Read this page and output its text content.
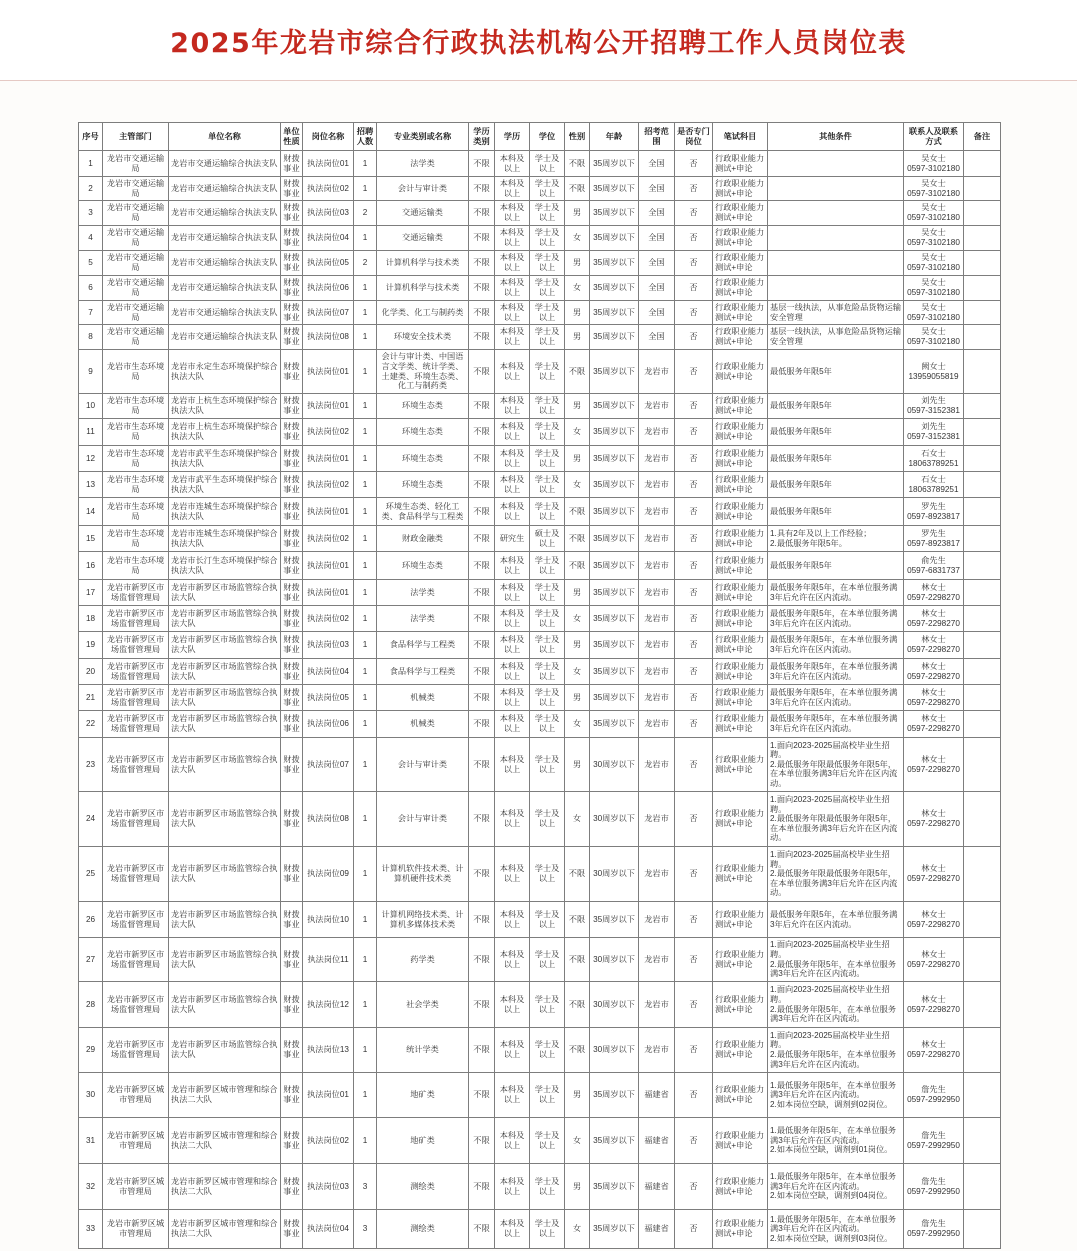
2025年龙岩市综合行政执法机构公开招聘工作人员岗位表
序号	主管部门	单位名称	单位性质	岗位名称	招聘人数	专业类别或名称	学历类别	学历	学位	性别	年龄	招考范围	是否专门岗位	笔试科目	其他条件	联系人及联系方式	备注

1	龙岩市交通运输局	龙岩市交通运输综合执法支队	财拨事业	执法岗位01	1	法学类	不限	本科及以上	学士及以上	不限	35周岁以下	全国	否	行政职业能力测试+申论		吴女士
0597-3102180	

2	龙岩市交通运输局	龙岩市交通运输综合执法支队	财拨事业	执法岗位02	1	会计与审计类	不限	本科及以上	学士及以上	不限	35周岁以下	全国	否	行政职业能力测试+申论		吴女士
0597-3102180	

3	龙岩市交通运输局	龙岩市交通运输综合执法支队	财拨事业	执法岗位03	2	交通运输类	不限	本科及以上	学士及以上	男	35周岁以下	全国	否	行政职业能力测试+申论		吴女士
0597-3102180	

4	龙岩市交通运输局	龙岩市交通运输综合执法支队	财拨事业	执法岗位04	1	交通运输类	不限	本科及以上	学士及以上	女	35周岁以下	全国	否	行政职业能力测试+申论		吴女士
0597-3102180	

5	龙岩市交通运输局	龙岩市交通运输综合执法支队	财拨事业	执法岗位05	2	计算机科学与技术类	不限	本科及以上	学士及以上	男	35周岁以下	全国	否	行政职业能力测试+申论		吴女士
0597-3102180	

6	龙岩市交通运输局	龙岩市交通运输综合执法支队	财拨事业	执法岗位06	1	计算机科学与技术类	不限	本科及以上	学士及以上	女	35周岁以下	全国	否	行政职业能力测试+申论		吴女士
0597-3102180	

7	龙岩市交通运输局	龙岩市交通运输综合执法支队	财拨事业	执法岗位07	1	化学类、化工与制药类	不限	本科及以上	学士及以上	男	35周岁以下	全国	否	行政职业能力测试+申论	基层一线执法，从事危险品货物运输安全管理	吴女士
0597-3102180	

8	龙岩市交通运输局	龙岩市交通运输综合执法支队	财拨事业	执法岗位08	1	环境安全技术类	不限	本科及以上	学士及以上	男	35周岁以下	全国	否	行政职业能力测试+申论	基层一线执法，从事危险品货物运输安全管理	吴女士
0597-3102180	

9	龙岩市生态环境局	龙岩市永定生态环境保护综合执法大队	财拨事业	执法岗位01	1	会计与审计类、中国语言文学类、统计学类、土建类、环境生态类、化工与制药类	不限	本科及以上	学士及以上	不限	35周岁以下	龙岩市	否	行政职业能力测试+申论	最低服务年限5年	阙女士
13959055819	

10	龙岩市生态环境局	龙岩市上杭生态环境保护综合执法大队	财拨事业	执法岗位01	1	环境生态类	不限	本科及以上	学士及以上	男	35周岁以下	龙岩市	否	行政职业能力测试+申论	最低服务年限5年	刘先生
0597-3152381	

11	龙岩市生态环境局	龙岩市上杭生态环境保护综合执法大队	财拨事业	执法岗位02	1	环境生态类	不限	本科及以上	学士及以上	女	35周岁以下	龙岩市	否	行政职业能力测试+申论	最低服务年限5年	刘先生
0597-3152381	

12	龙岩市生态环境局	龙岩市武平生态环境保护综合执法大队	财拨事业	执法岗位01	1	环境生态类	不限	本科及以上	学士及以上	男	35周岁以下	龙岩市	否	行政职业能力测试+申论	最低服务年限5年	石女士
18063789251	

13	龙岩市生态环境局	龙岩市武平生态环境保护综合执法大队	财拨事业	执法岗位02	1	环境生态类	不限	本科及以上	学士及以上	女	35周岁以下	龙岩市	否	行政职业能力测试+申论	最低服务年限5年	石女士
18063789251	

14	龙岩市生态环境局	龙岩市连城生态环境保护综合执法大队	财拨事业	执法岗位01	1	环境生态类、轻化工类、食品科学与工程类	不限	本科及以上	学士及以上	不限	35周岁以下	龙岩市	否	行政职业能力测试+申论	最低服务年限5年	罗先生
0597-8923817	

15	龙岩市生态环境局	龙岩市连城生态环境保护综合执法大队	财拨事业	执法岗位02	1	财政金融类	不限	研究生	硕士及以上	不限	35周岁以下	龙岩市	否	行政职业能力测试+申论	1.具有2年及以上工作经验；
2.最低服务年限5年。	罗先生
0597-8923817	

16	龙岩市生态环境局	龙岩市长汀生态环境保护综合执法大队	财拨事业	执法岗位01	1	环境生态类	不限	本科及以上	学士及以上	不限	35周岁以下	龙岩市	否	行政职业能力测试+申论	最低服务年限5年	俞先生
0597-6831737	

17	龙岩市新罗区市场监督管理局	龙岩市新罗区市场监管综合执法大队	财拨事业	执法岗位01	1	法学类	不限	本科及以上	学士及以上	男	35周岁以下	龙岩市	否	行政职业能力测试+申论	最低服务年限5年，在本单位服务满3年后允许在区内流动。	林女士
0597-2298270	

18	龙岩市新罗区市场监督管理局	龙岩市新罗区市场监管综合执法大队	财拨事业	执法岗位02	1	法学类	不限	本科及以上	学士及以上	女	35周岁以下	龙岩市	否	行政职业能力测试+申论	最低服务年限5年，在本单位服务满3年后允许在区内流动。	林女士
0597-2298270	

19	龙岩市新罗区市场监督管理局	龙岩市新罗区市场监管综合执法大队	财拨事业	执法岗位03	1	食品科学与工程类	不限	本科及以上	学士及以上	男	35周岁以下	龙岩市	否	行政职业能力测试+申论	最低服务年限5年，在本单位服务满3年后允许在区内流动。	林女士
0597-2298270	

20	龙岩市新罗区市场监督管理局	龙岩市新罗区市场监管综合执法大队	财拨事业	执法岗位04	1	食品科学与工程类	不限	本科及以上	学士及以上	女	35周岁以下	龙岩市	否	行政职业能力测试+申论	最低服务年限5年，在本单位服务满3年后允许在区内流动。	林女士
0597-2298270	

21	龙岩市新罗区市场监督管理局	龙岩市新罗区市场监管综合执法大队	财拨事业	执法岗位05	1	机械类	不限	本科及以上	学士及以上	男	35周岁以下	龙岩市	否	行政职业能力测试+申论	最低服务年限5年，在本单位服务满3年后允许在区内流动。	林女士
0597-2298270	

22	龙岩市新罗区市场监督管理局	龙岩市新罗区市场监管综合执法大队	财拨事业	执法岗位06	1	机械类	不限	本科及以上	学士及以上	女	35周岁以下	龙岩市	否	行政职业能力测试+申论	最低服务年限5年，在本单位服务满3年后允许在区内流动。	林女士
0597-2298270	

23	龙岩市新罗区市场监督管理局	龙岩市新罗区市场监管综合执法大队	财拨事业	执法岗位07	1	会计与审计类	不限	本科及以上	学士及以上	男	30周岁以下	龙岩市	否	行政职业能力测试+申论	1.面向2023-2025届高校毕业生招聘。
2.最低服务年限最低服务年限5年，在本单位服务满3年后允许在区内流动。	林女士
0597-2298270	

24	龙岩市新罗区市场监督管理局	龙岩市新罗区市场监管综合执法大队	财拨事业	执法岗位08	1	会计与审计类	不限	本科及以上	学士及以上	女	30周岁以下	龙岩市	否	行政职业能力测试+申论	1.面向2023-2025届高校毕业生招聘。
2.最低服务年限最低服务年限5年，在本单位服务满3年后允许在区内流动。	林女士
0597-2298270	

25	龙岩市新罗区市场监督管理局	龙岩市新罗区市场监管综合执法大队	财拨事业	执法岗位09	1	计算机软件技术类、计算机硬件技术类	不限	本科及以上	学士及以上	不限	30周岁以下	龙岩市	否	行政职业能力测试+申论	1.面向2023-2025届高校毕业生招聘。
2.最低服务年限最低服务年限5年，在本单位服务满3年后允许在区内流动。	林女士
0597-2298270	

26	龙岩市新罗区市场监督管理局	龙岩市新罗区市场监管综合执法大队	财拨事业	执法岗位10	1	计算机网络技术类、计算机多媒体技术类	不限	本科及以上	学士及以上	不限	35周岁以下	龙岩市	否	行政职业能力测试+申论	最低服务年限5年，在本单位服务满3年后允许在区内流动。	林女士
0597-2298270	

27	龙岩市新罗区市场监督管理局	龙岩市新罗区市场监管综合执法大队	财拨事业	执法岗位11	1	药学类	不限	本科及以上	学士及以上	不限	30周岁以下	龙岩市	否	行政职业能力测试+申论	1.面向2023-2025届高校毕业生招聘。
2.最低服务年限5年，在本单位服务满3年后允许在区内流动。	林女士
0597-2298270	

28	龙岩市新罗区市场监督管理局	龙岩市新罗区市场监管综合执法大队	财拨事业	执法岗位12	1	社会学类	不限	本科及以上	学士及以上	不限	30周岁以下	龙岩市	否	行政职业能力测试+申论	1.面向2023-2025届高校毕业生招聘。
2.最低服务年限5年，在本单位服务满3年后允许在区内流动。	林女士
0597-2298270	

29	龙岩市新罗区市场监督管理局	龙岩市新罗区市场监管综合执法大队	财拨事业	执法岗位13	1	统计学类	不限	本科及以上	学士及以上	不限	30周岁以下	龙岩市	否	行政职业能力测试+申论	1.面向2023-2025届高校毕业生招聘。
2.最低服务年限5年，在本单位服务满3年后允许在区内流动。	林女士
0597-2298270	

30	龙岩市新罗区城市管理局	龙岩市新罗区城市管理和综合执法二大队	财拨事业	执法岗位01	1	地矿类	不限	本科及以上	学士及以上	男	35周岁以下	福建省	否	行政职业能力测试+申论	1.最低服务年限5年，在本单位服务满3年后允许在区内流动。
2.如本岗位空缺，调剂到02岗位。	詹先生
0597-2992950	

31	龙岩市新罗区城市管理局	龙岩市新罗区城市管理和综合执法二大队	财拨事业	执法岗位02	1	地矿类	不限	本科及以上	学士及以上	女	35周岁以下	福建省	否	行政职业能力测试+申论	1.最低服务年限5年，在本单位服务满3年后允许在区内流动。
2.如本岗位空缺，调剂到01岗位。	詹先生
0597-2992950	

32	龙岩市新罗区城市管理局	龙岩市新罗区城市管理和综合执法二大队	财拨事业	执法岗位03	3	测绘类	不限	本科及以上	学士及以上	男	35周岁以下	福建省	否	行政职业能力测试+申论	1.最低服务年限5年，在本单位服务满3年后允许在区内流动。
2.如本岗位空缺，调剂到04岗位。	詹先生
0597-2992950	

33	龙岩市新罗区城市管理局	龙岩市新罗区城市管理和综合执法二大队	财拨事业	执法岗位04	3	测绘类	不限	本科及以上	学士及以上	女	35周岁以下	福建省	否	行政职业能力测试+申论	1.最低服务年限5年，在本单位服务满3年后允许在区内流动。
2.如本岗位空缺，调剂到03岗位。	詹先生
0597-2992950	
